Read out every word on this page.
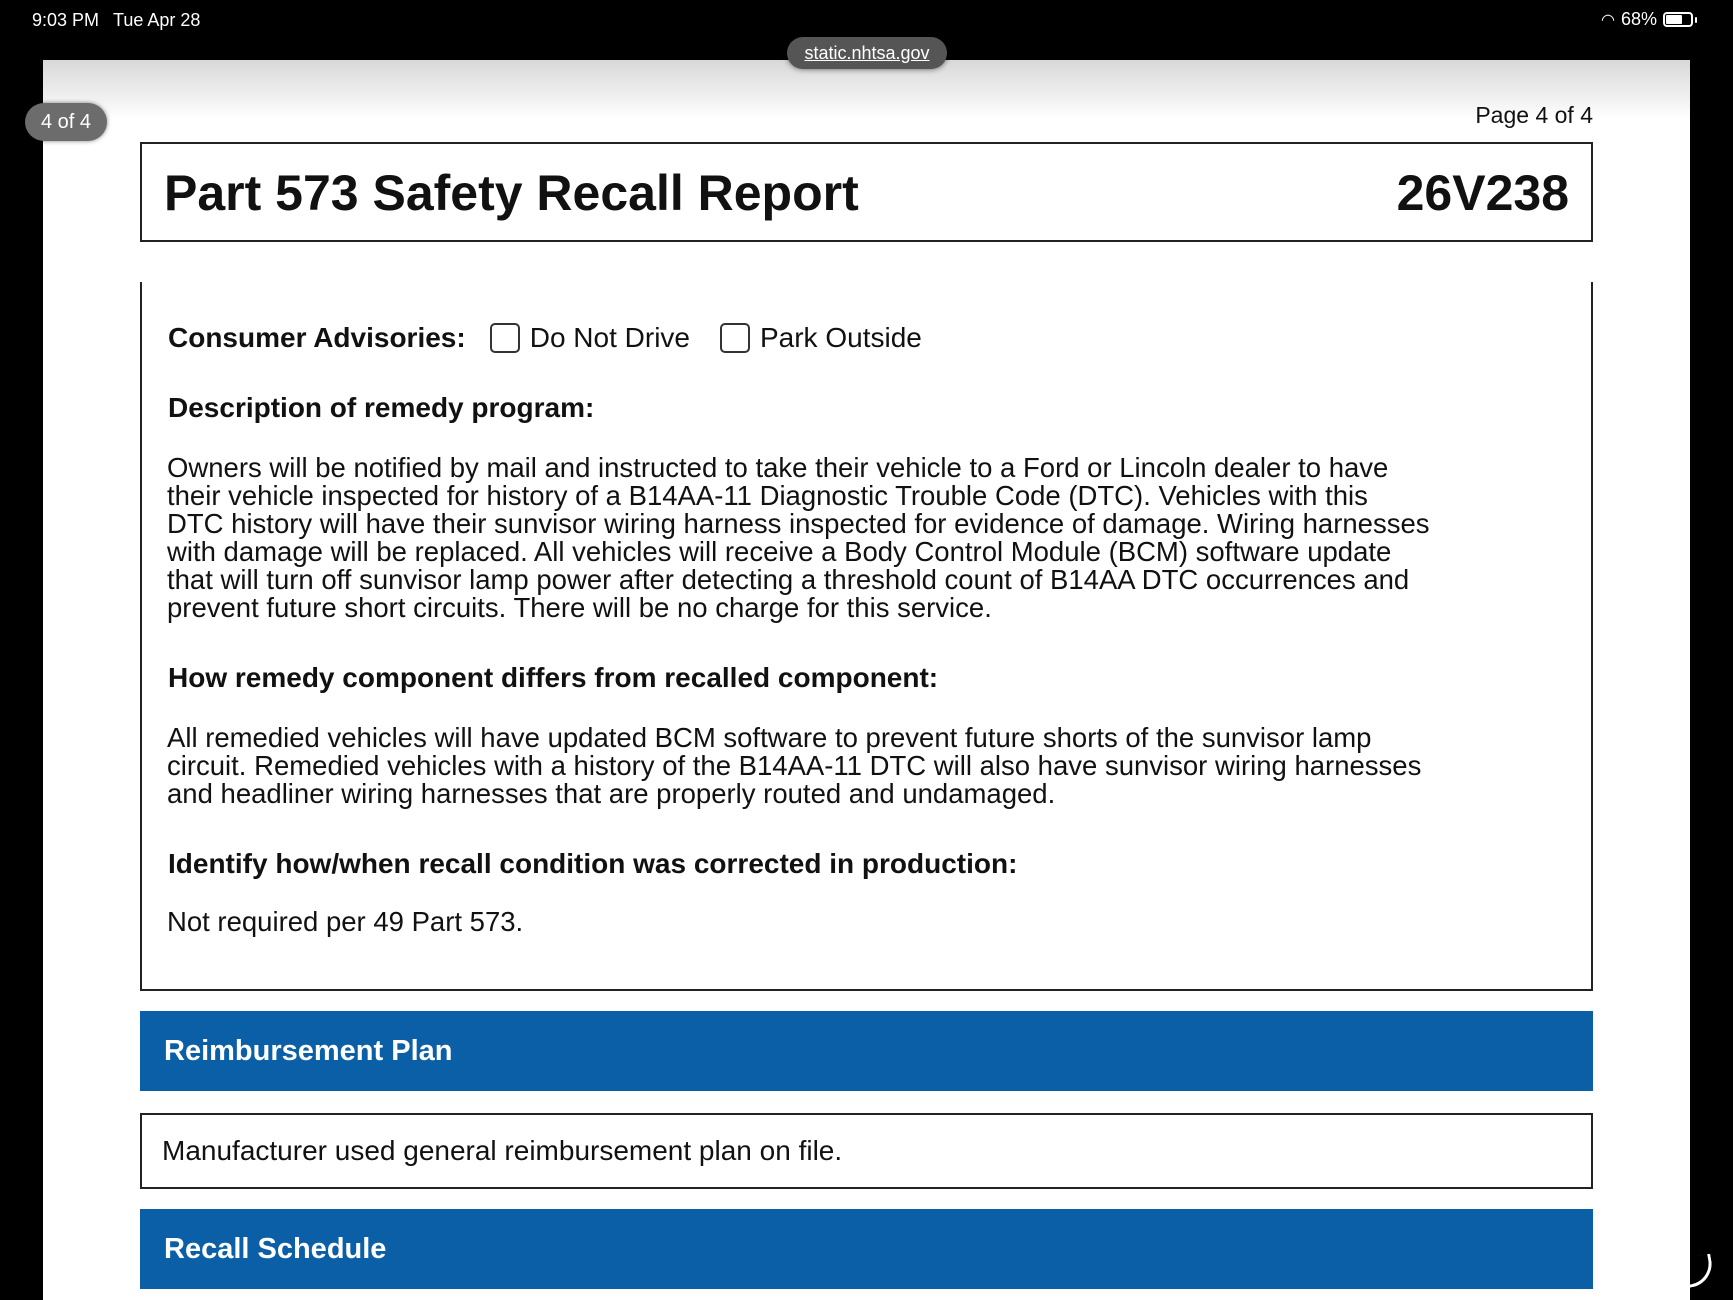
9:03 PM Tue Apr 28	◠ 68%
static.nhtsa.gov
4 of 4	Page 4 of 4
Part 573 Safety Recall Report	26V238
Consumer Advisories: Do Not Drive	Park Outside
Description of remedy program:
Owners will be notified by mail and instructed to take their vehicle to a Ford or Lincoln dealer to have
their vehicle inspected for history of a B14AA-11 Diagnostic Trouble Code (DTC). Vehicles with this
DTC history will have their sunvisor wiring harness inspected for evidence of damage. Wiring harnesses
with damage will be replaced. All vehicles will receive a Body Control Module (BCM) software update
that will turn off sunvisor lamp power after detecting a threshold count of B14AA DTC occurrences and
prevent future short circuits. There will be no charge for this service.
How remedy component differs from recalled component:
All remedied vehicles will have updated BCM software to prevent future shorts of the sunvisor lamp
circuit. Remedied vehicles with a history of the B14AA-11 DTC will also have sunvisor wiring harnesses
and headliner wiring harnesses that are properly routed and undamaged.
Identify how/when recall condition was corrected in production:
Not required per 49 Part 573.
Reimbursement Plan
Manufacturer used general reimbursement plan on file.
Recall Schedule
